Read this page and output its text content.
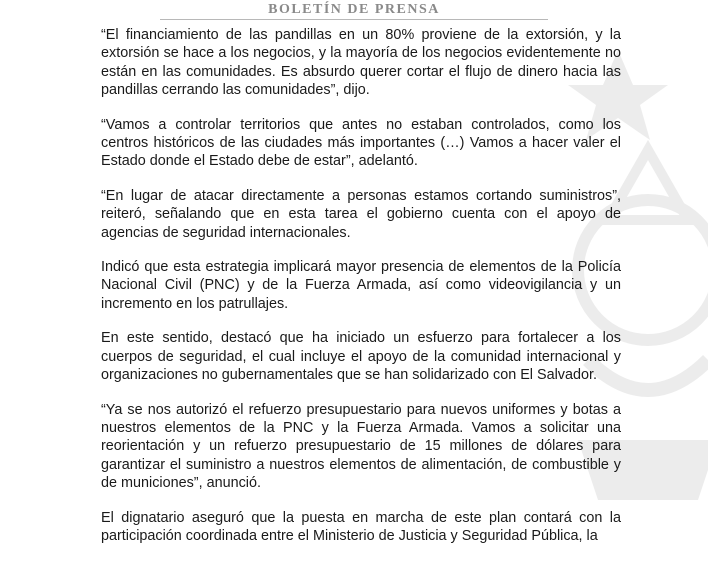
BOLETÍN DE PRENSA

“El financiamiento de las pandillas en un 80% proviene de la extorsión, y la extorsión se hace a los negocios, y la mayoría de los negocios evidentemente no están en las comunidades. Es absurdo querer cortar el flujo de dinero hacia las pandillas cerrando las comunidades”, dijo.

“Vamos a controlar territorios que antes no estaban controlados, como los centros históricos de las ciudades más importantes (…) Vamos a hacer valer el Estado donde el Estado debe de estar”, adelantó.

“En lugar de atacar directamente a personas estamos cortando suministros”, reiteró, señalando que en esta tarea el gobierno cuenta con el apoyo de agencias de seguridad internacionales.

Indicó que esta estrategia implicará mayor presencia de elementos de la Policía Nacional Civil (PNC) y de la Fuerza Armada, así como videovigilancia y un incremento en los patrullajes.

En este sentido, destacó que ha iniciado un esfuerzo para fortalecer a los cuerpos de seguridad, el cual incluye el apoyo de la comunidad internacional y organizaciones no gubernamentales que se han solidarizado con El Salvador.

“Ya se nos autorizó el refuerzo presupuestario para nuevos uniformes y botas a nuestros elementos de la PNC y la Fuerza Armada. Vamos a solicitar una reorientación y un refuerzo presupuestario de 15 millones de dólares para garantizar el suministro a nuestros elementos de alimentación, de combustible y de municiones”, anunció.

El dignatario aseguró que la puesta en marcha de este plan contará con la participación coordinada entre el Ministerio de Justicia y Seguridad Pública, la
